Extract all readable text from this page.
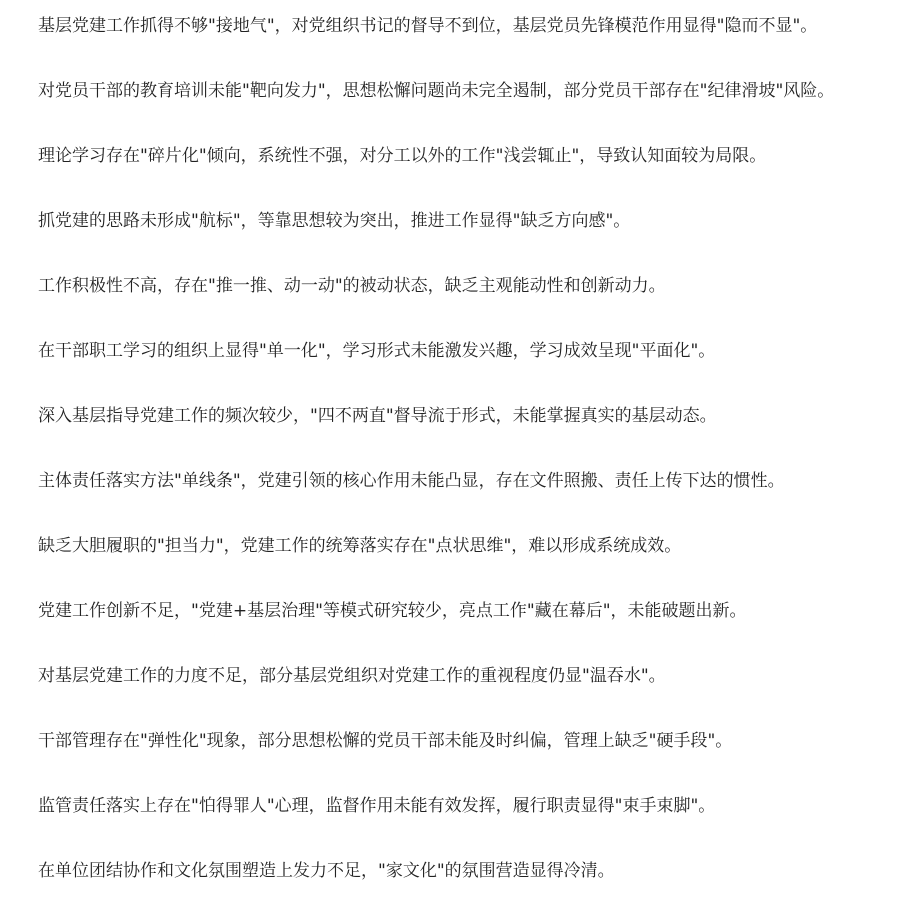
基层党建工作抓得不够"接地气"，对党组织书记的督导不到位，基层党员先锋模范作用显得"隐而不显"。

对党员干部的教育培训未能"靶向发力"，思想松懈问题尚未完全遏制，部分党员干部存在"纪律滑坡"风险。

理论学习存在"碎片化"倾向，系统性不强，对分工以外的工作"浅尝辄止"，导致认知面较为局限。

抓党建的思路未形成"航标"，等靠思想较为突出，推进工作显得"缺乏方向感"。

工作积极性不高，存在"推一推、动一动"的被动状态，缺乏主观能动性和创新动力。

在干部职工学习的组织上显得"单一化"，学习形式未能激发兴趣，学习成效呈现"平面化"。

深入基层指导党建工作的频次较少，"四不两直"督导流于形式，未能掌握真实的基层动态。

主体责任落实方法"单线条"，党建引领的核心作用未能凸显，存在文件照搬、责任上传下达的惯性。

缺乏大胆履职的"担当力"，党建工作的统筹落实存在"点状思维"，难以形成系统成效。

党建工作创新不足，"党建+基层治理"等模式研究较少，亮点工作"藏在幕后"，未能破题出新。

对基层党建工作的力度不足，部分基层党组织对党建工作的重视程度仍显"温吞水"。

干部管理存在"弹性化"现象，部分思想松懈的党员干部未能及时纠偏，管理上缺乏"硬手段"。

监管责任落实上存在"怕得罪人"心理，监督作用未能有效发挥，履行职责显得"束手束脚"。

在单位团结协作和文化氛围塑造上发力不足，"家文化"的氛围营造显得冷清。
